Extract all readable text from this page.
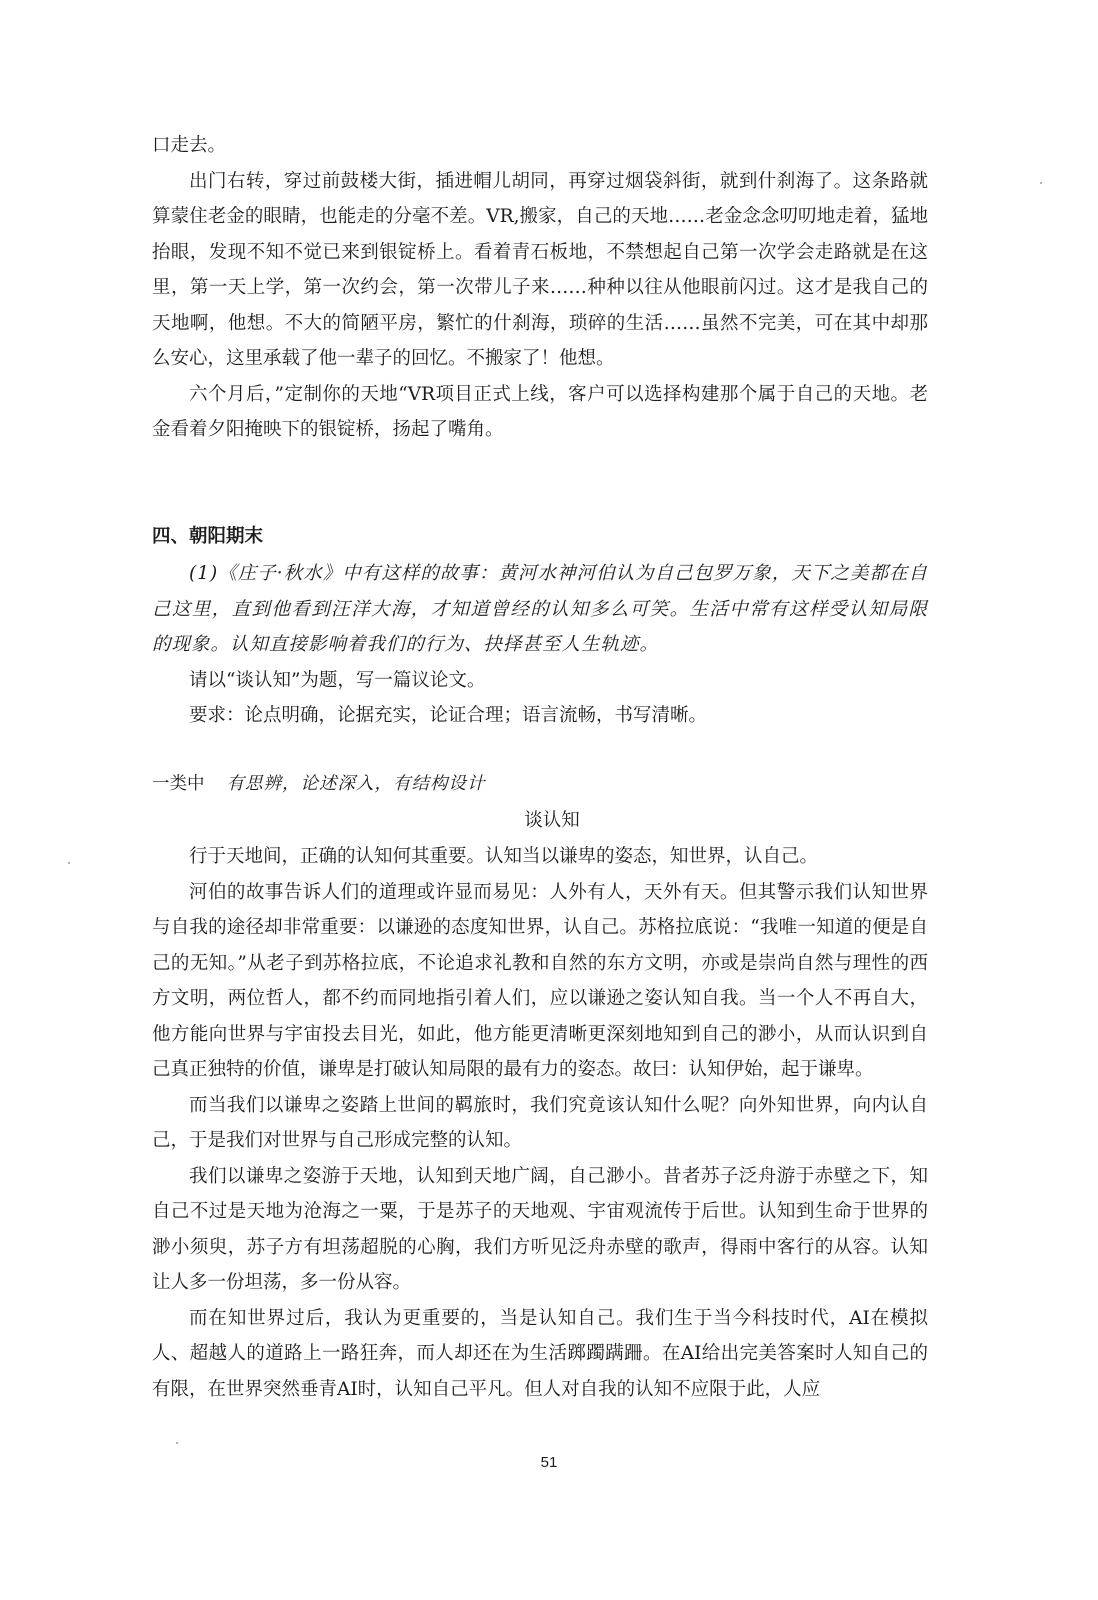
口走去。

出门右转，穿过前鼓楼大街，插进帽儿胡同，再穿过烟袋斜街，就到什刹海了。这条路就算蒙住老金的眼睛，也能走的分毫不差。VR,搬家，自己的天地……老金念念叨叨地走着，猛地抬眼，发现不知不觉已来到银锭桥上。看着青石板地，不禁想起自己第一次学会走路就是在这里，第一天上学，第一次约会，第一次带儿子来……种种以往从他眼前闪过。这才是我自己的天地啊，他想。不大的简陋平房，繁忙的什刹海，琐碎的生活……虽然不完美，可在其中却那么安心，这里承载了他一辈子的回忆。不搬家了！他想。

六个月后，”定制你的天地“VR项目正式上线，客户可以选择构建那个属于自己的天地。老金看着夕阳掩映下的银锭桥，扬起了嘴角。

四、朝阳期末

(1)《庄子·秋水》中有这样的故事：黄河水神河伯认为自己包罗万象，天下之美都在自己这里，直到他看到汪洋大海，才知道曾经的认知多么可笑。生活中常有这样受认知局限的现象。认知直接影响着我们的行为、抉择甚至人生轨迹。

请以“谈认知”为题，写一篇议论文。

要求：论点明确，论据充实，论证合理；语言流畅，书写清晰。

一类中 有思辨，论述深入，有结构设计

谈认知

行于天地间，正确的认知何其重要。认知当以谦卑的姿态，知世界，认自己。

河伯的故事告诉人们的道理或许显而易见：人外有人，天外有天。但其警示我们认知世界与自我的途径却非常重要：以谦逊的态度知世界，认自己。苏格拉底说：“我唯一知道的便是自己的无知。”从老子到苏格拉底，不论追求礼教和自然的东方文明，亦或是崇尚自然与理性的西方文明，两位哲人，都不约而同地指引着人们，应以谦逊之姿认知自我。当一个人不再自大，他方能向世界与宇宙投去目光，如此，他方能更清晰更深刻地知到自己的渺小，从而认识到自己真正独特的价值，谦卑是打破认知局限的最有力的姿态。故曰：认知伊始，起于谦卑。

而当我们以谦卑之姿踏上世间的羁旅时，我们究竟该认知什么呢？向外知世界，向内认自己，于是我们对世界与自己形成完整的认知。

我们以谦卑之姿游于天地，认知到天地广阔，自己渺小。昔者苏子泛舟游于赤壁之下，知自己不过是天地为沧海之一粟，于是苏子的天地观、宇宙观流传于后世。认知到生命于世界的渺小须臾，苏子方有坦荡超脱的心胸，我们方听见泛舟赤壁的歌声，得雨中客行的从容。认知让人多一份坦荡，多一份从容。

而在知世界过后，我认为更重要的，当是认知自己。我们生于当今科技时代，AI在模拟人、超越人的道路上一路狂奔，而人却还在为生活踯躅蹒跚。在AI给出完美答案时人知自己的有限，在世界突然垂青AI时，认知自己平凡。但人对自我的认知不应限于此，人应

51
